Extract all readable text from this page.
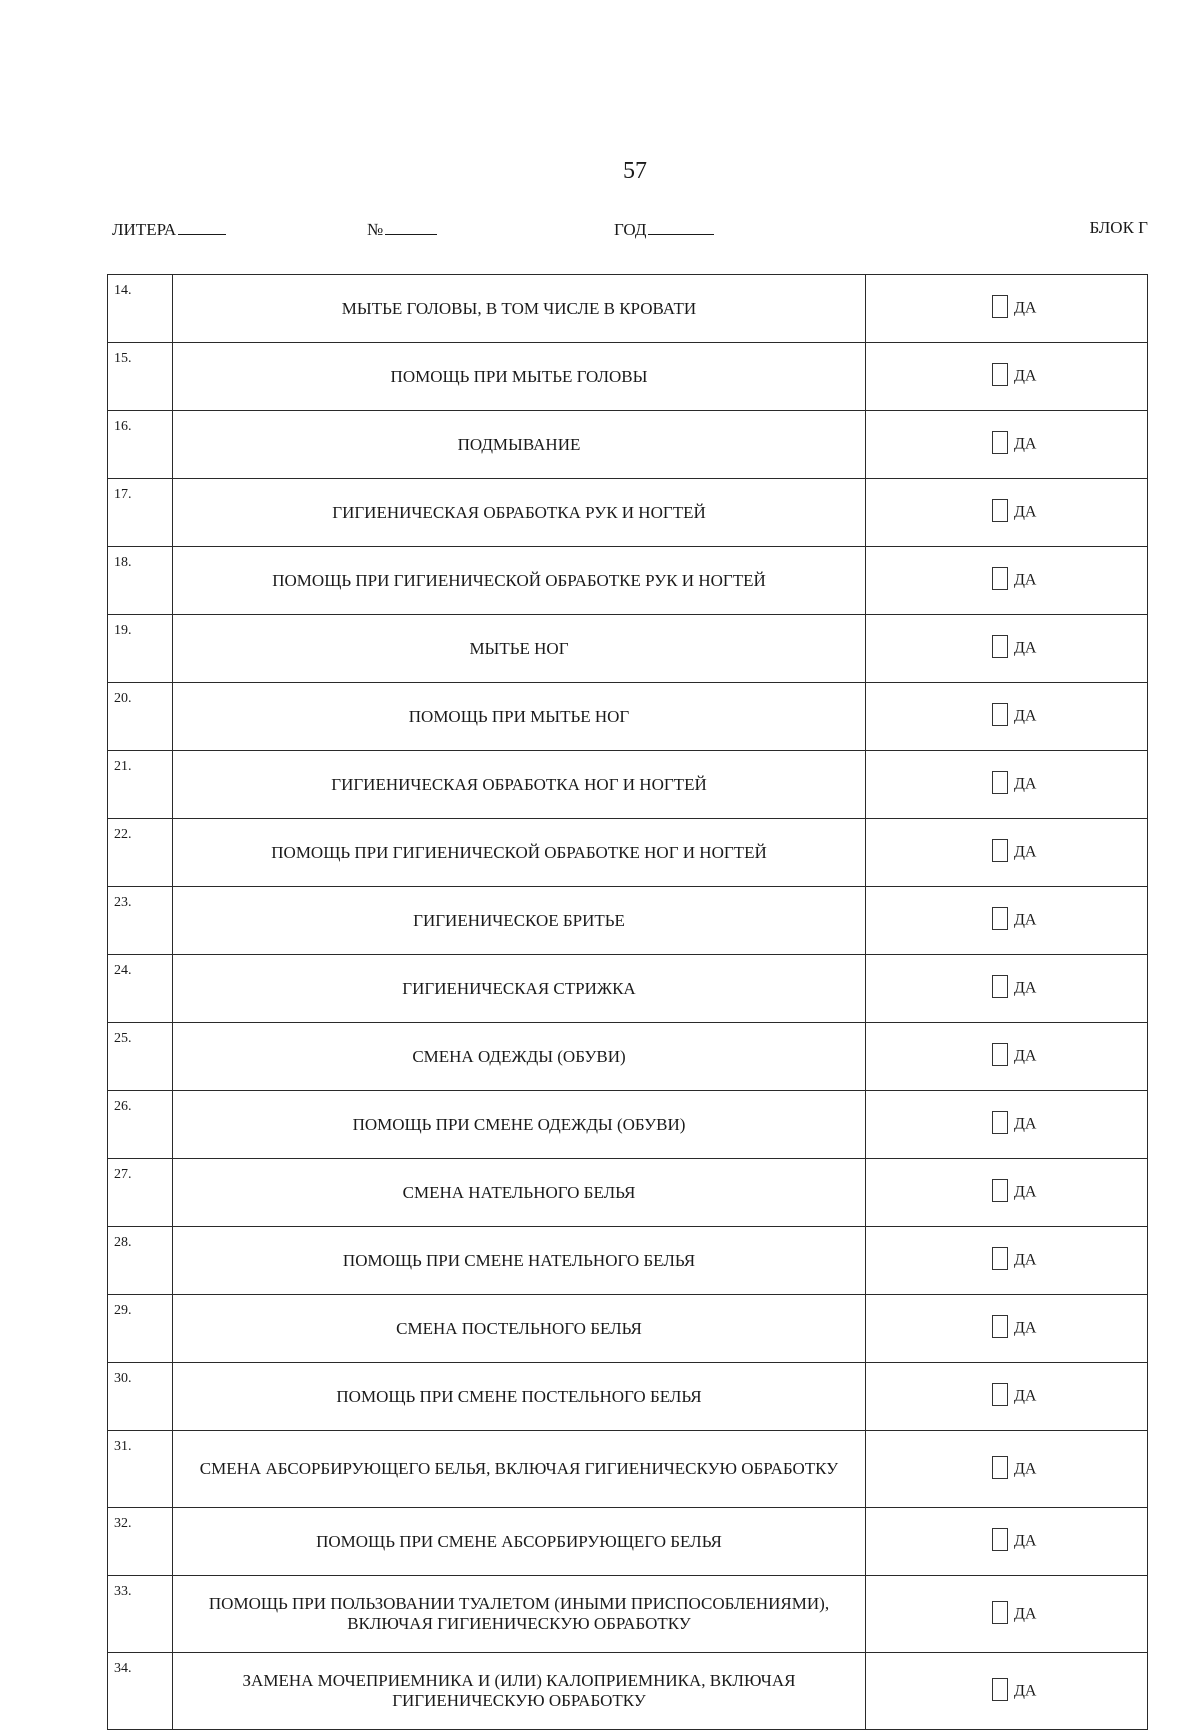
57
ЛИТЕРА	№	ГОД	БЛОК Г
14.	МЫТЬЕ ГОЛОВЫ, В ТОМ ЧИСЛЕ В КРОВАТИ	ДА
15.	ПОМОЩЬ ПРИ МЫТЬЕ ГОЛОВЫ	ДА
16.	ПОДМЫВАНИЕ	ДА
17.	ГИГИЕНИЧЕСКАЯ ОБРАБОТКА РУК И НОГТЕЙ	ДА
18.	ПОМОЩЬ ПРИ ГИГИЕНИЧЕСКОЙ ОБРАБОТКЕ РУК И НОГТЕЙ	ДА
19.	МЫТЬЕ НОГ	ДА
20.	ПОМОЩЬ ПРИ МЫТЬЕ НОГ	ДА
21.	ГИГИЕНИЧЕСКАЯ ОБРАБОТКА НОГ И НОГТЕЙ	ДА
22.	ПОМОЩЬ ПРИ ГИГИЕНИЧЕСКОЙ ОБРАБОТКЕ НОГ И НОГТЕЙ	ДА
23.	ГИГИЕНИЧЕСКОЕ БРИТЬЕ	ДА
24.	ГИГИЕНИЧЕСКАЯ СТРИЖКА	ДА
25.	СМЕНА ОДЕЖДЫ (ОБУВИ)	ДА
26.	ПОМОЩЬ ПРИ СМЕНЕ ОДЕЖДЫ (ОБУВИ)	ДА
27.	СМЕНА НАТЕЛЬНОГО БЕЛЬЯ	ДА
28.	ПОМОЩЬ ПРИ СМЕНЕ НАТЕЛЬНОГО БЕЛЬЯ	ДА
29.	СМЕНА ПОСТЕЛЬНОГО БЕЛЬЯ	ДА
30.	ПОМОЩЬ ПРИ СМЕНЕ ПОСТЕЛЬНОГО БЕЛЬЯ	ДА
31.	СМЕНА АБСОРБИРУЮЩЕГО БЕЛЬЯ, ВКЛЮЧАЯ ГИГИЕНИЧЕСКУЮ ОБРАБОТКУ	ДА
32.	ПОМОЩЬ ПРИ СМЕНЕ АБСОРБИРУЮЩЕГО БЕЛЬЯ	ДА
33.	ПОМОЩЬ ПРИ ПОЛЬЗОВАНИИ ТУАЛЕТОМ (ИНЫМИ ПРИСПОСОБЛЕНИЯМИ), ВКЛЮЧАЯ ГИГИЕНИЧЕСКУЮ ОБРАБОТКУ	ДА
34.	ЗАМЕНА МОЧЕПРИЕМНИКА И (ИЛИ) КАЛОПРИЕМНИКА, ВКЛЮЧАЯ ГИГИЕНИЧЕСКУЮ ОБРАБОТКУ	ДА
